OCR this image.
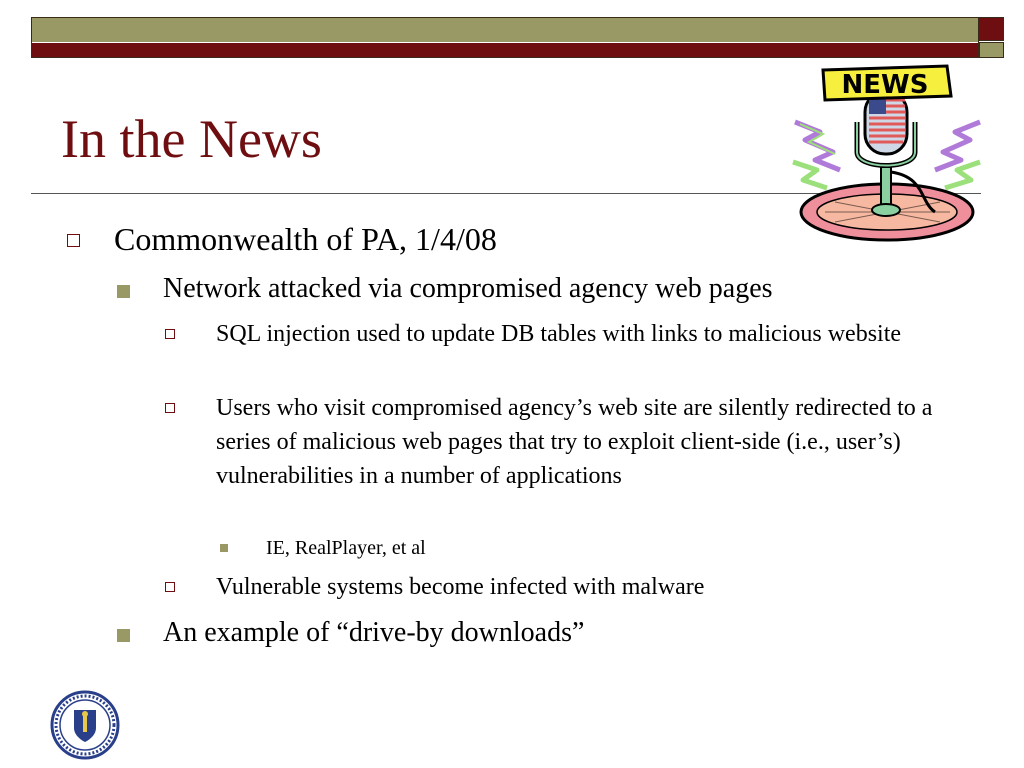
In the News
NEWS
Commonwealth of PA, 1/4/08
Network attacked via compromised agency web pages
SQL injection used to update DB tables with links to malicious website
Users who visit compromised agency’s web site are silently redirected to a series of malicious web pages that try to exploit client-side (i.e., user’s) vulnerabilities in a number of applications
IE, RealPlayer, et al
Vulnerable systems become infected with malware
An example of “drive-by downloads”
